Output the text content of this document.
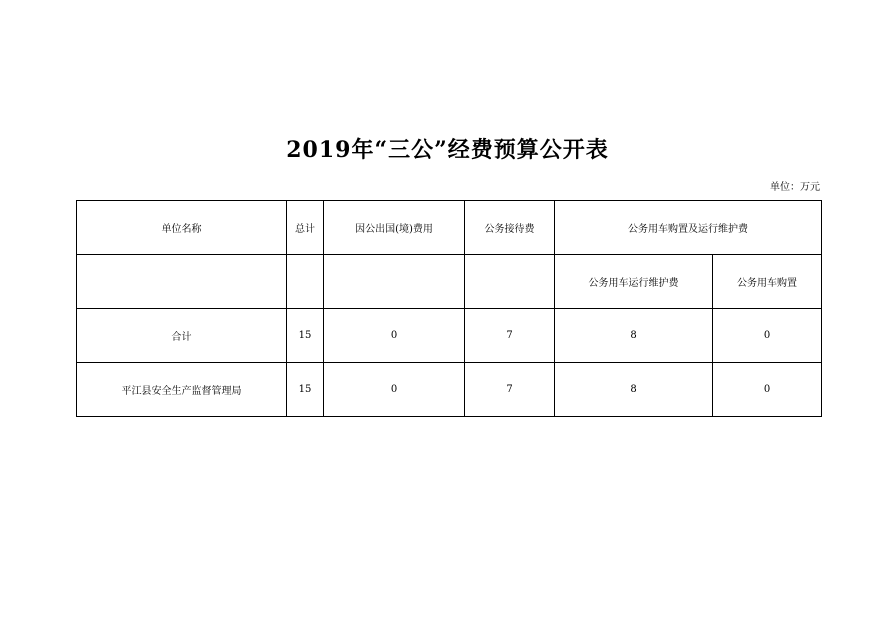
2019年“三公”经费预算公开表
单位：万元
单位名称	总计	因公出国(境)费用	公务接待费	公务用车购置及运行维护费	
				公务用车运行维护费	公务用车购置
合计	15	0	7	8	0
平江县安全生产监督管理局	15	0	7	8	0
